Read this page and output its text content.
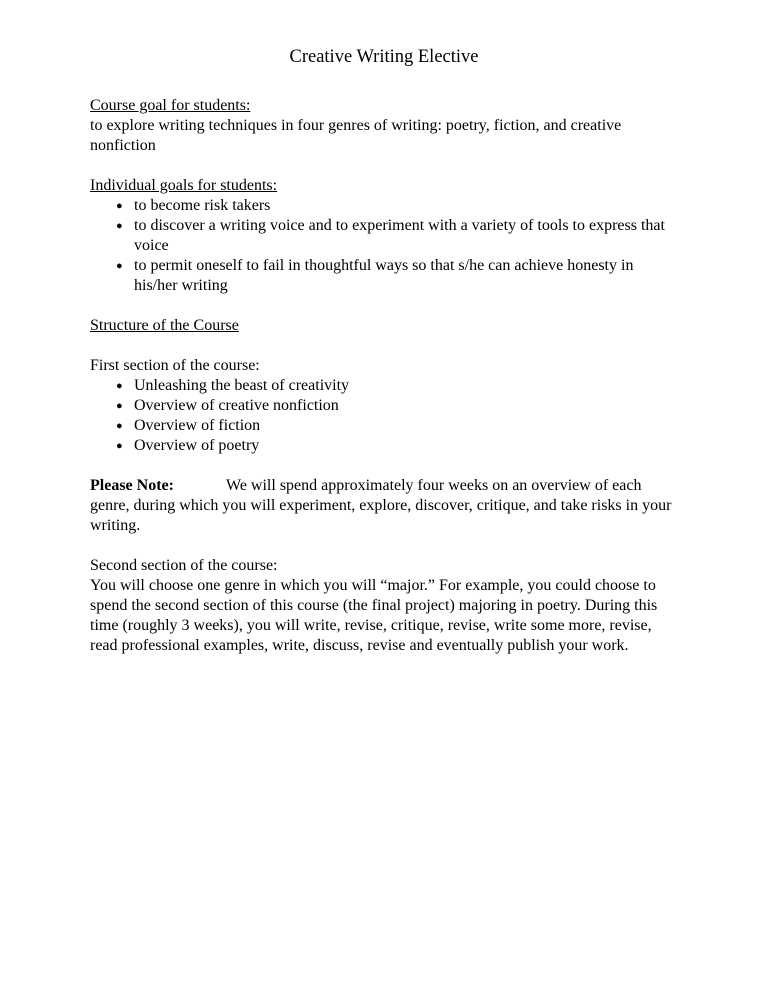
Creative Writing Elective

Course goal for students:

to explore writing techniques in four genres of writing: poetry, fiction, and creative nonfiction

Individual goals for students:

● to become risk takers
● to discover a writing voice and to experiment with a variety of tools to express that voice
● to permit oneself to fail in thoughtful ways so that s/he can achieve honesty in his/her writing

Structure of the Course

First section of the course:

● Unleashing the beast of creativity
● Overview of creative nonfiction
● Overview of fiction
● Overview of poetry

Please Note:	We will spend approximately four weeks on an overview of each genre, during which you will experiment, explore, discover, critique, and take risks in your writing.

Second section of the course:

You will choose one genre in which you will “major.” For example, you could choose to spend the second section of this course (the final project) majoring in poetry. During this time (roughly 3 weeks), you will write, revise, critique, revise, write some more, revise, read professional examples, write, discuss, revise and eventually publish your work.
